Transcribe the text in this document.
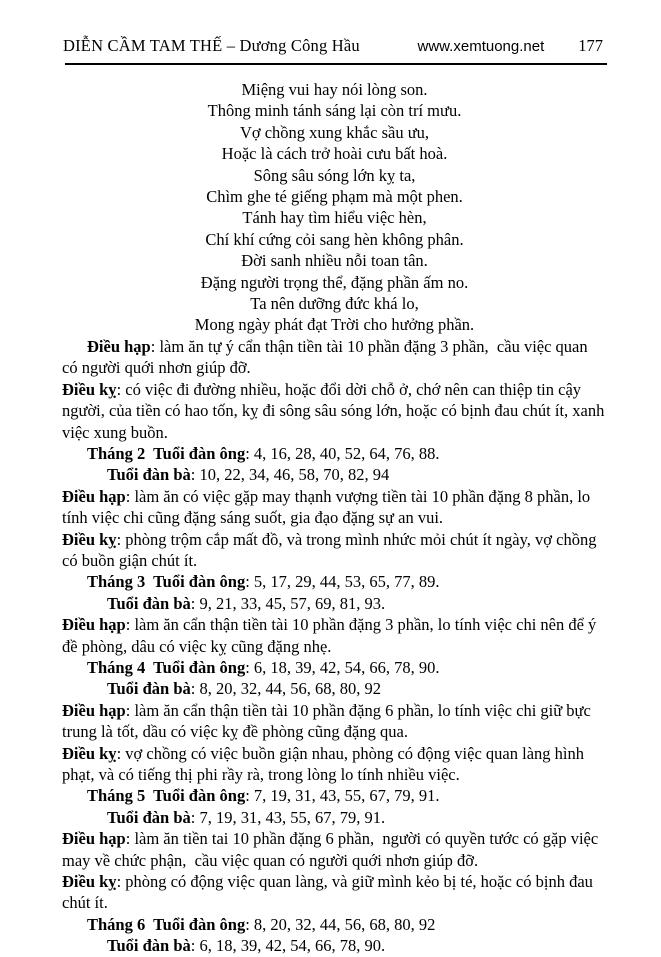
DIỄN CẦM TAM THẾ – Dương Công Hầu	www.xemtuong.net 177
Miệng vui hay nói lòng son.
Thông minh tánh sáng lại còn trí mưu.
Vợ chồng xung khắc sầu ưu,
Hoặc là cách trở hoài cưu bất hoà.
Sông sâu sóng lớn kỵ ta,
Chìm ghe té giếng phạm mà một phen.
Tánh hay tìm hiểu việc hèn,
Chí khí cứng cỏi sang hèn không phân.
Đời sanh nhiều nỗi toan tân.
Đặng người trọng thể, đặng phần ấm no.
Ta nên dưỡng đức khá lo,
Mong ngày phát đạt Trời cho hưởng phần.

Điều hạp: làm ăn tự ý cẩn thận tiền tài 10 phần đặng 3 phần,  cầu việc quan có người quới nhơn giúp đỡ.

Điều kỵ: có việc đi đường nhiều, hoặc đổi dời chỗ ở, chớ nên can thiệp tin cậy người, của tiền có hao tốn, kỵ đi sông sâu sóng lớn, hoặc có bịnh đau chút ít, xanh việc xung buồn.

Tháng 2  Tuổi đàn ông: 4, 16, 28, 40, 52, 64, 76, 88.

Tuổi đàn bà: 10, 22, 34, 46, 58, 70, 82, 94

Điều hạp: làm ăn có việc gặp may thạnh vượng tiền tài 10 phần đặng 8 phần, lo tính việc chi cũng đặng sáng suốt, gia đạo đặng sự an vui.

Điều kỵ: phòng trộm cắp mất đồ, và trong mình nhức mỏi chút ít ngày, vợ chồng có buồn giận chút ít.

Tháng 3  Tuổi đàn ông: 5, 17, 29, 44, 53, 65, 77, 89.

Tuổi đàn bà: 9, 21, 33, 45, 57, 69, 81, 93.

Điều hạp: làm ăn cẩn thận tiền tài 10 phần đặng 3 phần, lo tính việc chi nên để ý đề phòng, dâu có việc kỵ cũng đặng nhẹ.

Tháng 4  Tuổi đàn ông: 6, 18, 39, 42, 54, 66, 78, 90.

Tuổi đàn bà: 8, 20, 32, 44, 56, 68, 80, 92

Điều hạp: làm ăn cẩn thận tiền tài 10 phần đặng 6 phần, lo tính việc chi giữ bực trung là tốt, dầu có việc kỵ đề phòng cũng đặng qua.

Điều kỵ: vợ chồng có việc buồn giận nhau, phòng có động việc quan làng hình phạt, và có tiếng thị phi rầy rà, trong lòng lo tính nhiều việc.

Tháng 5  Tuổi đàn ông: 7, 19, 31, 43, 55, 67, 79, 91.

Tuổi đàn bà: 7, 19, 31, 43, 55, 67, 79, 91.

Điều hạp: làm ăn tiền tai 10 phần đặng 6 phần,  người có quyền tước có gặp việc may về chức phận,  cầu việc quan có người quới nhơn giúp đỡ.

Điều kỵ: phòng có động việc quan làng, và giữ mình kẻo bị té, hoặc có bịnh đau chút ít.

Tháng 6  Tuổi đàn ông: 8, 20, 32, 44, 56, 68, 80, 92

Tuổi đàn bà: 6, 18, 39, 42, 54, 66, 78, 90.
